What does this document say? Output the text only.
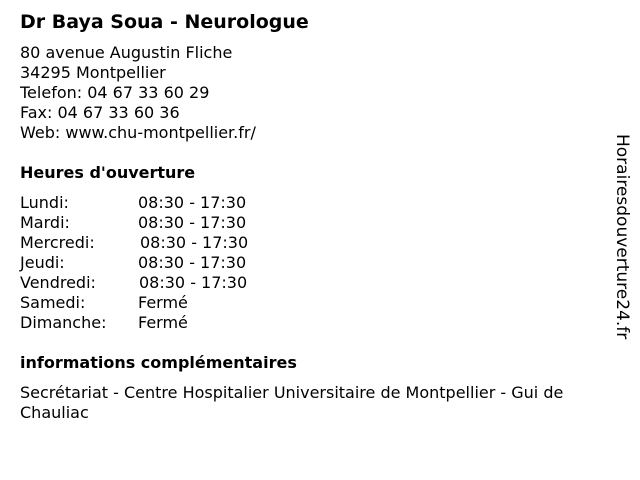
Dr Baya Soua - Neurologue
80 avenue Augustin Fliche
34295 Montpellier
Telefon: 04 67 33 60 29
Fax: 04 67 33 60 36
Web: www.chu-montpellier.fr/
Heures d'ouverture
Lundi:	08:30 - 17:30
Mardi:	08:30 - 17:30
Mercredi:	08:30 - 17:30
Jeudi:	08:30 - 17:30
Vendredi:	08:30 - 17:30
Samedi:	Fermé
Dimanche: Fermé
informations complémentaires
Secrétariat - Centre Hospitalier Universitaire de Montpellier - Gui de Chauliac
Horairesdouverture24.fr
